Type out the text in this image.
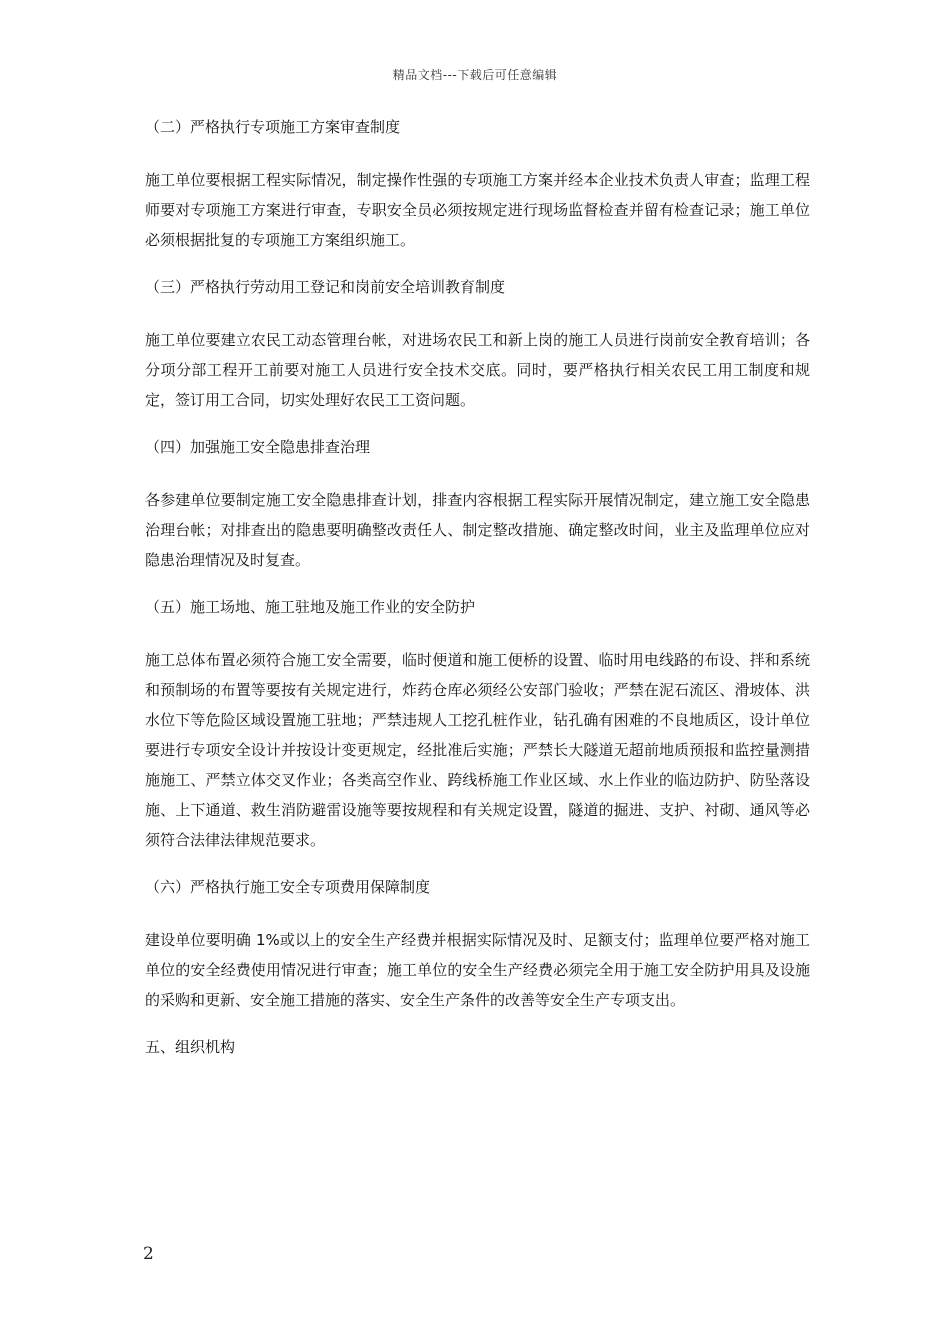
精品文档---下载后可任意编辑
（二）严格执行专项施工方案审查制度
施工单位要根据工程实际情况，制定操作性强的专项施工方案并经本企业技术负责人审查；监理工程师要对专项施工方案进行审查，专职安全员必须按规定进行现场监督检查并留有检查记录；施工单位必须根据批复的专项施工方案组织施工。
（三）严格执行劳动用工登记和岗前安全培训教育制度
施工单位要建立农民工动态管理台帐，对进场农民工和新上岗的施工人员进行岗前安全教育培训；各分项分部工程开工前要对施工人员进行安全技术交底。同时，要严格执行相关农民工用工制度和规定，签订用工合同，切实处理好农民工工资问题。
（四）加强施工安全隐患排查治理
各参建单位要制定施工安全隐患排查计划，排查内容根据工程实际开展情况制定，建立施工安全隐患治理台帐；对排查出的隐患要明确整改责任人、制定整改措施、确定整改时间，业主及监理单位应对隐患治理情况及时复查。
（五）施工场地、施工驻地及施工作业的安全防护
施工总体布置必须符合施工安全需要，临时便道和施工便桥的设置、临时用电线路的布设、拌和系统和预制场的布置等要按有关规定进行，炸药仓库必须经公安部门验收；严禁在泥石流区、滑坡体、洪水位下等危险区域设置施工驻地；严禁违规人工挖孔桩作业，钻孔确有困难的不良地质区，设计单位要进行专项安全设计并按设计变更规定，经批准后实施；严禁长大隧道无超前地质预报和监控量测措施施工、严禁立体交叉作业；各类高空作业、跨线桥施工作业区域、水上作业的临边防护、防坠落设施、上下通道、救生消防避雷设施等要按规程和有关规定设置，隧道的掘进、支护、衬砌、通风等必须符合法律法律规范要求。
（六）严格执行施工安全专项费用保障制度
建设单位要明确 1%或以上的安全生产经费并根据实际情况及时、足额支付；监理单位要严格对施工单位的安全经费使用情况进行审查；施工单位的安全生产经费必须完全用于施工安全防护用具及设施的采购和更新、安全施工措施的落实、安全生产条件的改善等安全生产专项支出。
五、组织机构
2
